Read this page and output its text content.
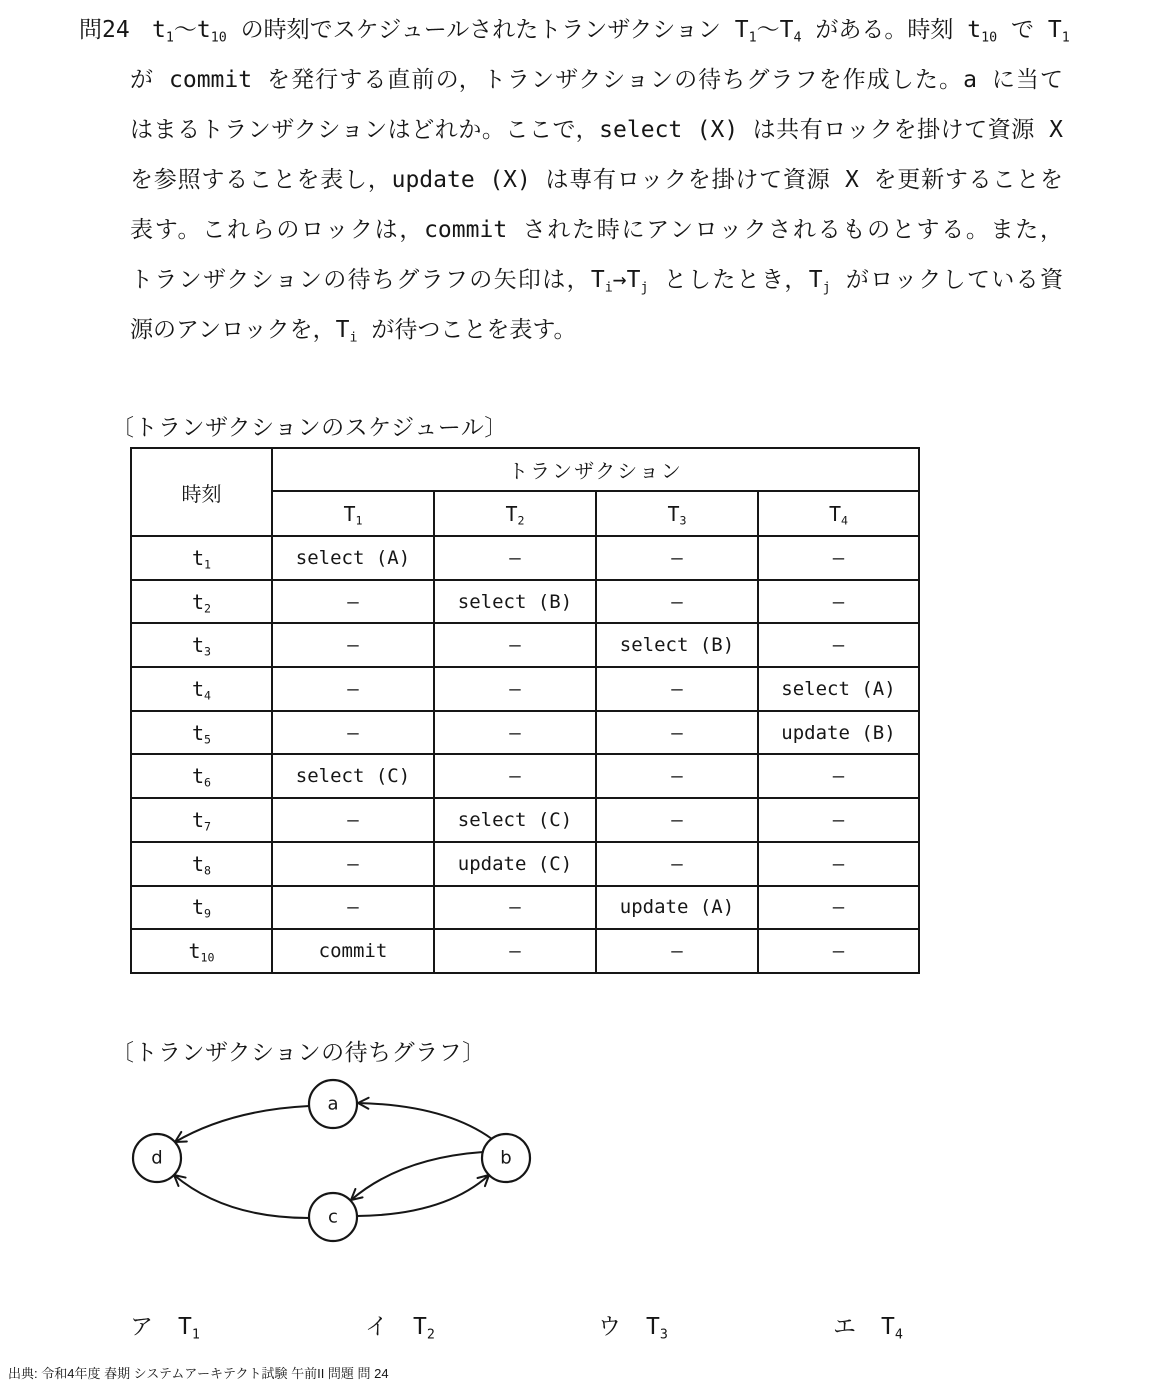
問24 $t_1$〜$t_{10}$ の時刻でスケジュールされたトランザクション $T_1$〜$T_4$ がある。時刻 $t_{10}$ で $T_1$
が commit を発行する直前の，トランザクションの待ちグラフを作成した。a に当て
はまるトランザクションはどれか。ここで，select (X) は共有ロックを掛けて資源 X
を参照することを表し，update (X) は専有ロックを掛けて資源 X を更新することを
表す。これらのロックは，commit された時にアンロックされるものとする。また，
トランザクションの待ちグラフの矢印は，$T_i\to T_j$ としたとき，$T_j$ がロックしている資
源のアンロックを，$T_i$ が待つことを表す。
〔トランザクションのスケジュール〕
時刻	トランザクション			
	$T_1$	$T_2$	$T_3$	$T_4$
$t_1$	select (A)	—	—	—
$t_2$	—	select (B)	—	—
$t_3$	—	—	select (B)	—
$t_4$	—	—	—	select (A)
$t_5$	—	—	—	update (B)
$t_6$	select (C)	—	—	—
$t_7$	—	select (C)	—	—
$t_8$	—	update (C)	—	—
$t_9$	—	—	update (A)	—
$t_{10}$	commit	—	—	—
〔トランザクションの待ちグラフ〕
a
b
c
d
ア $T_1$	イ $T_2$	ウ $T_3$	エ $T_4$
出典: 令和4年度 春期 システムアーキテクト試験 午前II 問題 問 24
